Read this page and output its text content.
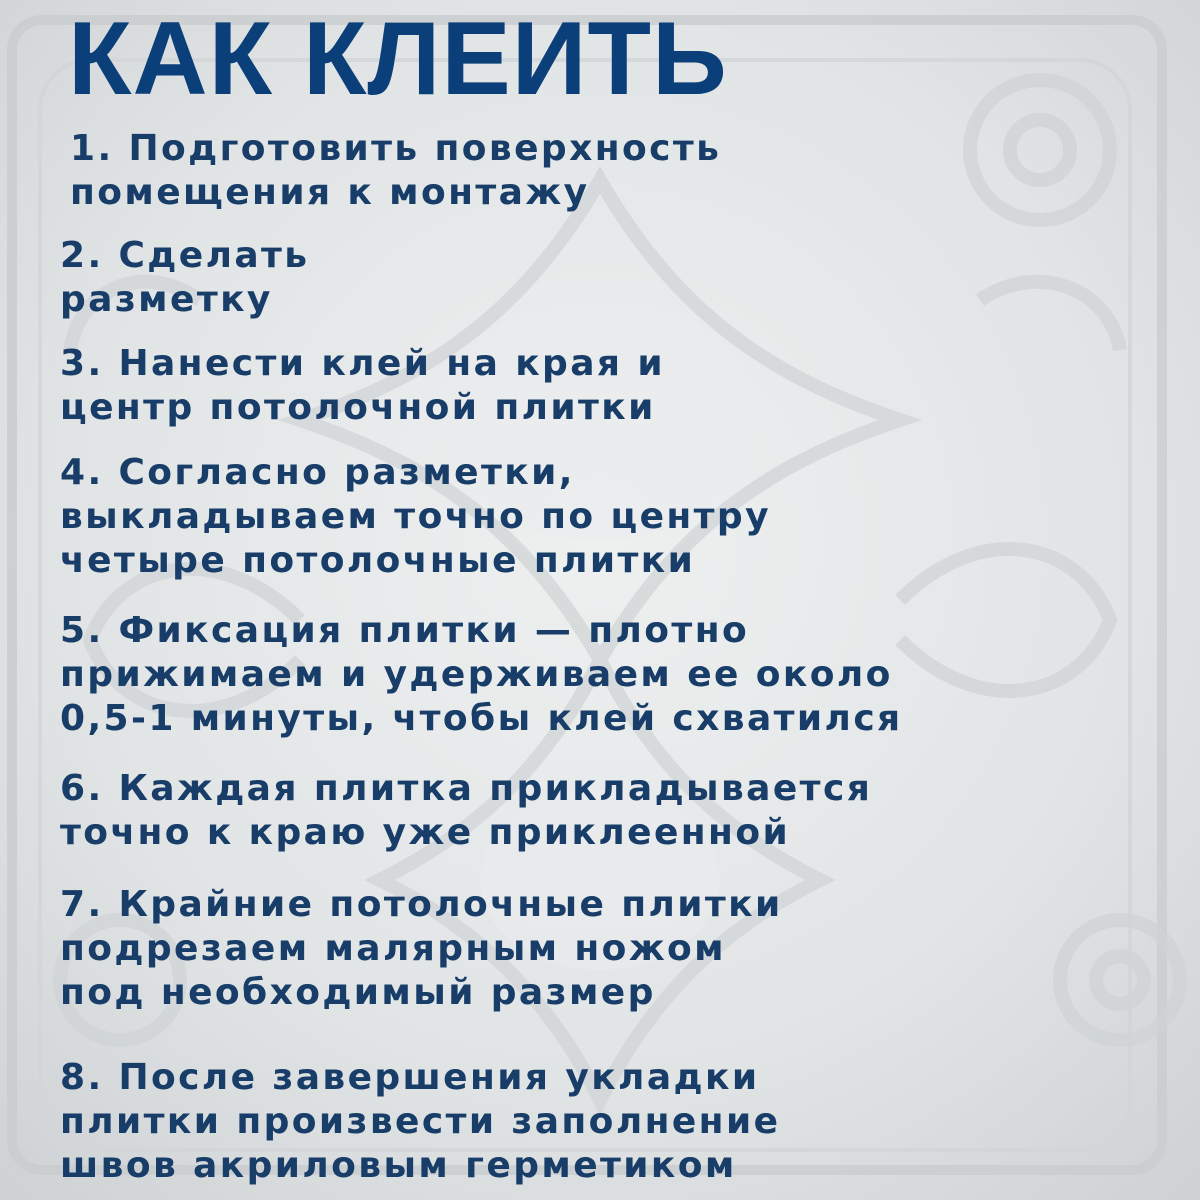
КАК КЛЕИТЬ
1. Подготовить поверхность
помещения к монтажу
2. Сделать
разметку
3. Нанести клей на края и
центр потолочной плитки
4. Согласно разметки,
выкладываем точно по центру
четыре потолочные плитки
5. Фиксация плитки — плотно
прижимаем и удерживаем ее около
0,5-1 минуты, чтобы клей схватился
6. Каждая плитка прикладывается
точно к краю уже приклеенной
7. Крайние потолочные плитки
подрезаем малярным ножом
под необходимый размер
8. После завершения укладки
плитки произвести заполнение
швов акриловым герметиком
